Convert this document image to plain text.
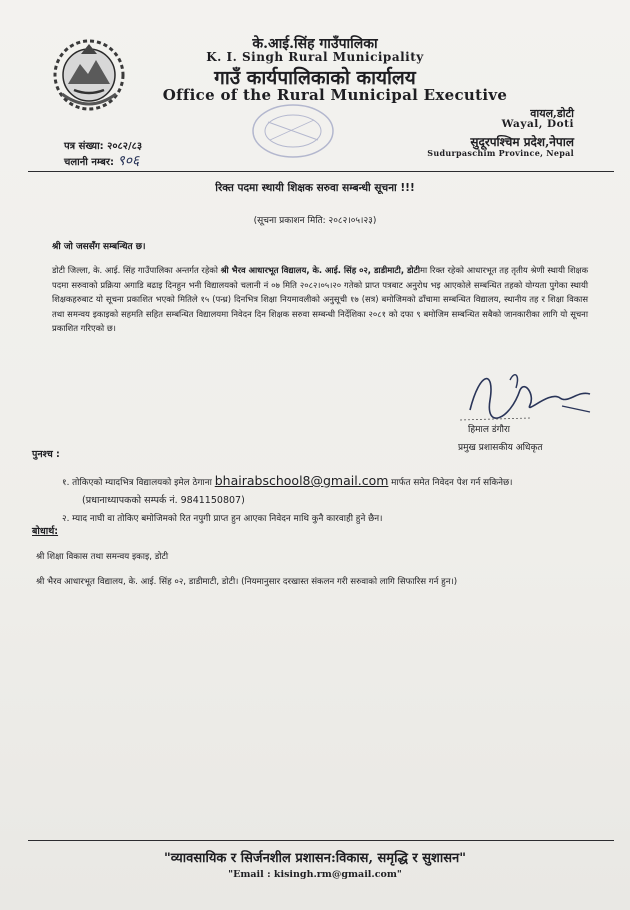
के.आई.सिंह गाउँपालिका
K. I. Singh Rural Municipality
गाउँ कार्यपालिकाको कार्यालय
Office of the Rural Municipal Executive
वायल,डोटी
Wayal, Doti
सुदूरपश्चिम प्रदेश,नेपाल
Sudurpaschim Province, Nepal
पत्र संख्या: २०८२/८३
चलानी नम्बर: ९०६
रिक्त पदमा स्थायी शिक्षक सरुवा सम्बन्धी सूचना !!!
(सूचना प्रकाशन मिति: २०८२।०५।२३)
श्री जो जससँग सम्बन्धित छ।
डोटी जिल्ला, के. आई. सिंह गाउँपालिका अन्तर्गत रहेको श्री भैरव आधारभूत विद्यालय, के. आई. सिंह ०२, डाडीमाटी, डोटीमा रिक्त रहेको आधारभूत तह तृतीय श्रेणी स्थायी शिक्षक पदमा सरुवाको प्रक्रिया अगाडि बढाइ दिनहुन भनी विद्यालयको चलानी नं ०७ मिति २०८२।०५।२० गतेको प्राप्त पत्रबाट अनुरोध भइ आएकोले सम्बन्धित तहको योग्यता पुगेका स्थायी शिक्षकहरुबाट यो सूचना प्रकाशित भएको मितिले १५ (पन्ध्र) दिनभित्र शिक्षा नियमावलीको अनुसूची १७ (सत्र) बमोजिमको ढाँचामा सम्बन्धित विद्यालय, स्थानीय तह र शिक्षा विकास तथा समन्वय इकाइको सहमति सहित सम्बन्धित विद्यालयमा निवेदन दिन शिक्षक सरुवा सम्बन्धी निर्देशिका २०८१ को दफा ९ बमोजिम सम्बन्धित सबैको जानकारीका लागि यो सूचना प्रकाशित गरिएको छ।
हिमाल डंगौरा
प्रमुख प्रशासकीय अधिकृत
पुनश्च :
१. तोकिएको म्यादभित्र विद्यालयको इमेल ठेगाना bhairabschool8@gmail.com मार्फत समेत निवेदन पेश गर्न सकिनेछ।
(प्रधानाध्यापकको सम्पर्क नं. 9841150807)
२. म्याद नाघी वा तोकिए बमोजिमको रित नपुगी प्राप्त हुन आएका निवेदन माथि कुनै कारवाही हुने छैन।
बोधार्थ:
श्री शिक्षा विकास तथा समन्वय इकाइ, डोटी
श्री भैरव आधारभूत विद्यालय, के. आई. सिंह ०२, डाडीमाटी, डोटी। (नियमानुसार दरखास्त संकलन गरी सरुवाको लागि सिफारिस गर्न हुन।)
"व्यावसायिक र सिर्जनशील प्रशासन:विकास, समृद्धि र सुशासन"
"Email : kisingh.rm@gmail.com"
